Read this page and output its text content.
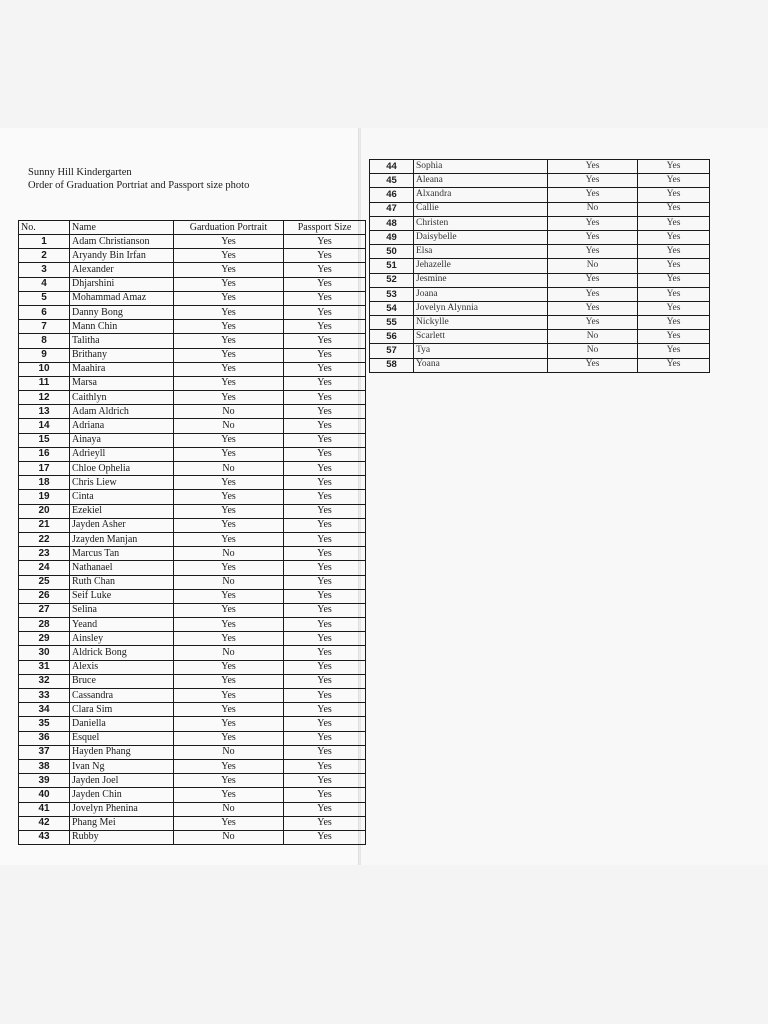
Sunny Hill Kindergarten
Order of Graduation Portriat and Passport size photo
No.	Name	Garduation Portrait	Passport Size
1	Adam Christianson	Yes	Yes
2	Aryandy Bin Irfan	Yes	Yes
3	Alexander	Yes	Yes
4	Dhjarshini	Yes	Yes
5	Mohammad Amaz	Yes	Yes
6	Danny Bong	Yes	Yes
7	Mann Chin	Yes	Yes
8	Talitha	Yes	Yes
9	Brithany	Yes	Yes
10	Maahira	Yes	Yes
11	Marsa	Yes	Yes
12	Caithlyn	Yes	Yes
13	Adam Aldrich	No	Yes
14	Adriana	No	Yes
15	Ainaya	Yes	Yes
16	Adrieyll	Yes	Yes
17	Chloe Ophelia	No	Yes
18	Chris Liew	Yes	Yes
19	Cinta	Yes	Yes
20	Ezekiel	Yes	Yes
21	Jayden Asher	Yes	Yes
22	Jzayden Manjan	Yes	Yes
23	Marcus Tan	No	Yes
24	Nathanael	Yes	Yes
25	Ruth Chan	No	Yes
26	Seif Luke	Yes	Yes
27	Selina	Yes	Yes
28	Yeand	Yes	Yes
29	Ainsley	Yes	Yes
30	Aldrick Bong	No	Yes
31	Alexis	Yes	Yes
32	Bruce	Yes	Yes
33	Cassandra	Yes	Yes
34	Clara Sim	Yes	Yes
35	Daniella	Yes	Yes
36	Esquel	Yes	Yes
37	Hayden Phang	No	Yes
38	Ivan Ng	Yes	Yes
39	Jayden Joel	Yes	Yes
40	Jayden Chin	Yes	Yes
41	Jovelyn Phenina	No	Yes
42	Phang Mei	Yes	Yes
43	Rubby	No	Yes
44	Sophia	Yes	Yes
45	Aleana	Yes	Yes
46	Alxandra	Yes	Yes
47	Callie	No	Yes
48	Christen	Yes	Yes
49	Daisybelle	Yes	Yes
50	Elsa	Yes	Yes
51	Jehazelle	No	Yes
52	Jesmine	Yes	Yes
53	Joana	Yes	Yes
54	Jovelyn Alynnia	Yes	Yes
55	Nickylle	Yes	Yes
56	Scarlett	No	Yes
57	Tya	No	Yes
58	Yoana	Yes	Yes
